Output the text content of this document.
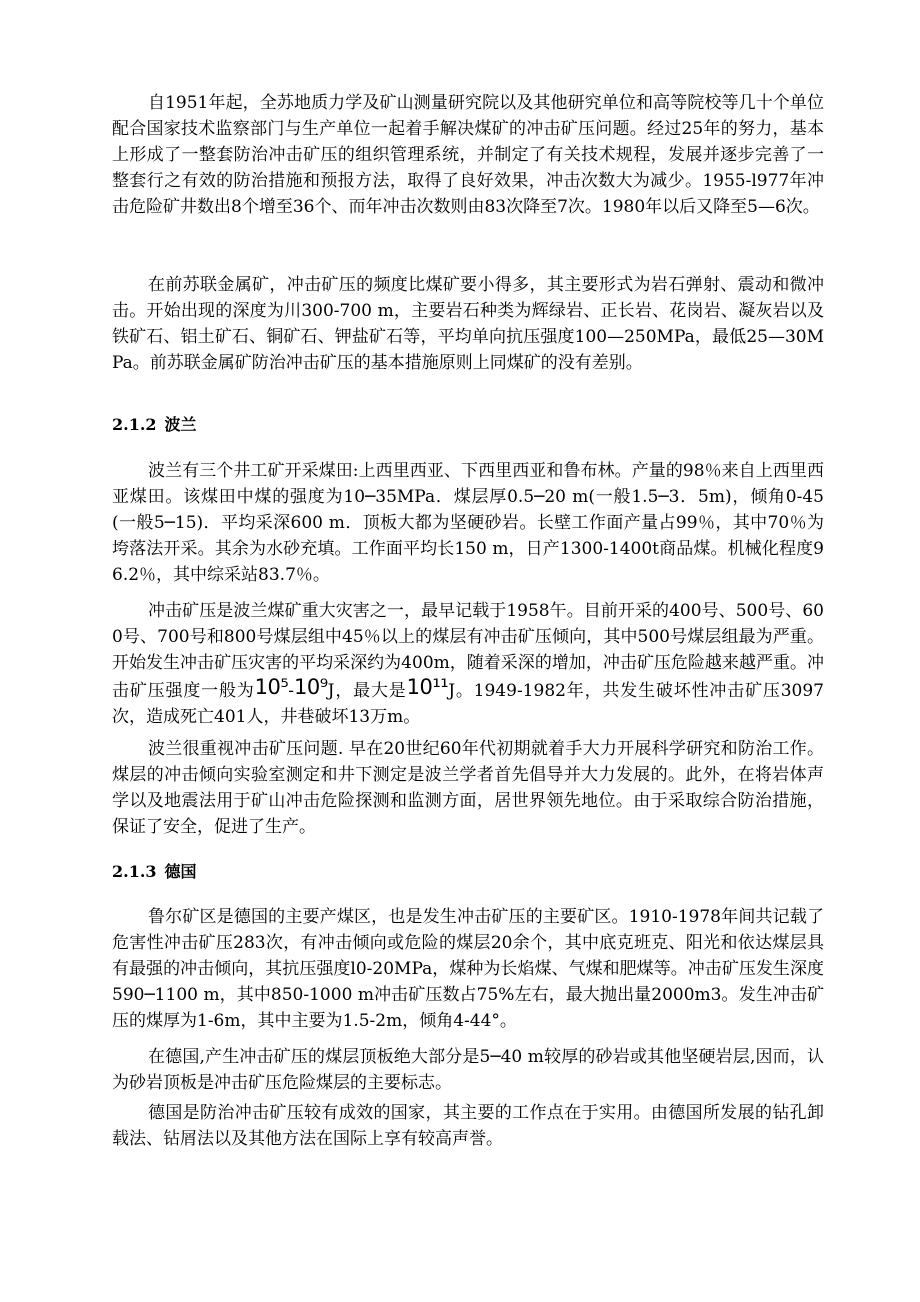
自1951年起，全苏地质力学及矿山测量研究院以及其他研究单位和高等院校等几十个单位配合国家技术监察部门与生产单位一起着手解决煤矿的冲击矿压问题。经过25年的努力，基本上形成了一整套防治冲击矿压的组织管理系统，并制定了有关技术规程，发展并逐步完善了一整套行之有效的防治措施和预报方法，取得了良好效果，冲击次数大为减少。1955-l977年冲击危险矿井数出8个增至36个、而年冲击次数则由83次降至7次。1980年以后又降至5—6次。

在前苏联金属矿，冲击矿压的频度比煤矿要小得多，其主要形式为岩石弹射、震动和微冲击。开始出现的深度为川300-700 m，主要岩石种类为辉绿岩、正长岩、花岗岩、凝灰岩以及铁矿石、铝土矿石、铜矿石、钾盐矿石等，平均单向抗压强度100—250MPa，最低25—30MPa。前苏联金属矿防治冲击矿压的基本措施原则上同煤矿的没有差别。

2.1.2 波兰

波兰有三个井工矿开采煤田:上西里西亚、下西里西亚和鲁布林。产量的98％来自上西里西亚煤田。该煤田中煤的强度为10─35MPa．煤层厚0.5─20 m(一般1.5─3．5m)，倾角0-45(一般5─15)．平均采深600 m．顶板大都为坚硬砂岩。长壁工作面产量占99％，其中70％为垮落法开采。其余为水砂充填。工作面平均长150 m，日产1300-1400t商品煤。机械化程度96.2％，其中综采站83.7％。

冲击矿压是波兰煤矿重大灾害之一，最早记载于1958午。目前开采的400号、500号、600号、700号和800号煤层组中45％以上的煤层有冲击矿压倾向，其中500号煤层组最为严重。开始发生冲击矿压灾害的平均采深约为400m，随着采深的增加，冲击矿压危险越来越严重。冲击矿压强度一般为10⁵-10⁹J，最大是10¹¹J。1949-1982年，共发生破坏性冲击矿压3097次，造成死亡401人，井巷破坏13万m。

波兰很重视冲击矿压问题. 早在20世纪60年代初期就着手大力开展科学研究和防治工作。煤层的冲击倾向实验室测定和井下测定是波兰学者首先倡导并大力发展的。此外，在将岩体声学以及地震法用于矿山冲击危险探测和监测方面，居世界领先地位。由于采取综合防治措施，保证了安全，促进了生产。

2.1.3 德国

鲁尔矿区是德国的主要产煤区，也是发生冲击矿压的主要矿区。1910-1978年间共记载了危害性冲击矿压283次，有冲击倾向或危险的煤层20余个，其中底克班克、阳光和依达煤层具有最强的冲击倾向，其抗压强度l0-20MPa，煤种为长焰煤、气煤和肥煤等。冲击矿压发生深度590─1100 m，其中850-1000 m冲击矿压数占75%左右，最大抛出量2000m3。发生冲击矿压的煤厚为1-6m，其中主要为1.5-2m，倾角4-44°。

在德国,产生冲击矿压的煤层顶板绝大部分是5─40 m较厚的砂岩或其他坚硬岩层,因而，认为砂岩顶板是冲击矿压危险煤层的主要标志。

德国是防治冲击矿压较有成效的国家，其主要的工作点在于实用。由德国所发展的钻孔卸载法、钻屑法以及其他方法在国际上享有较高声誉。
